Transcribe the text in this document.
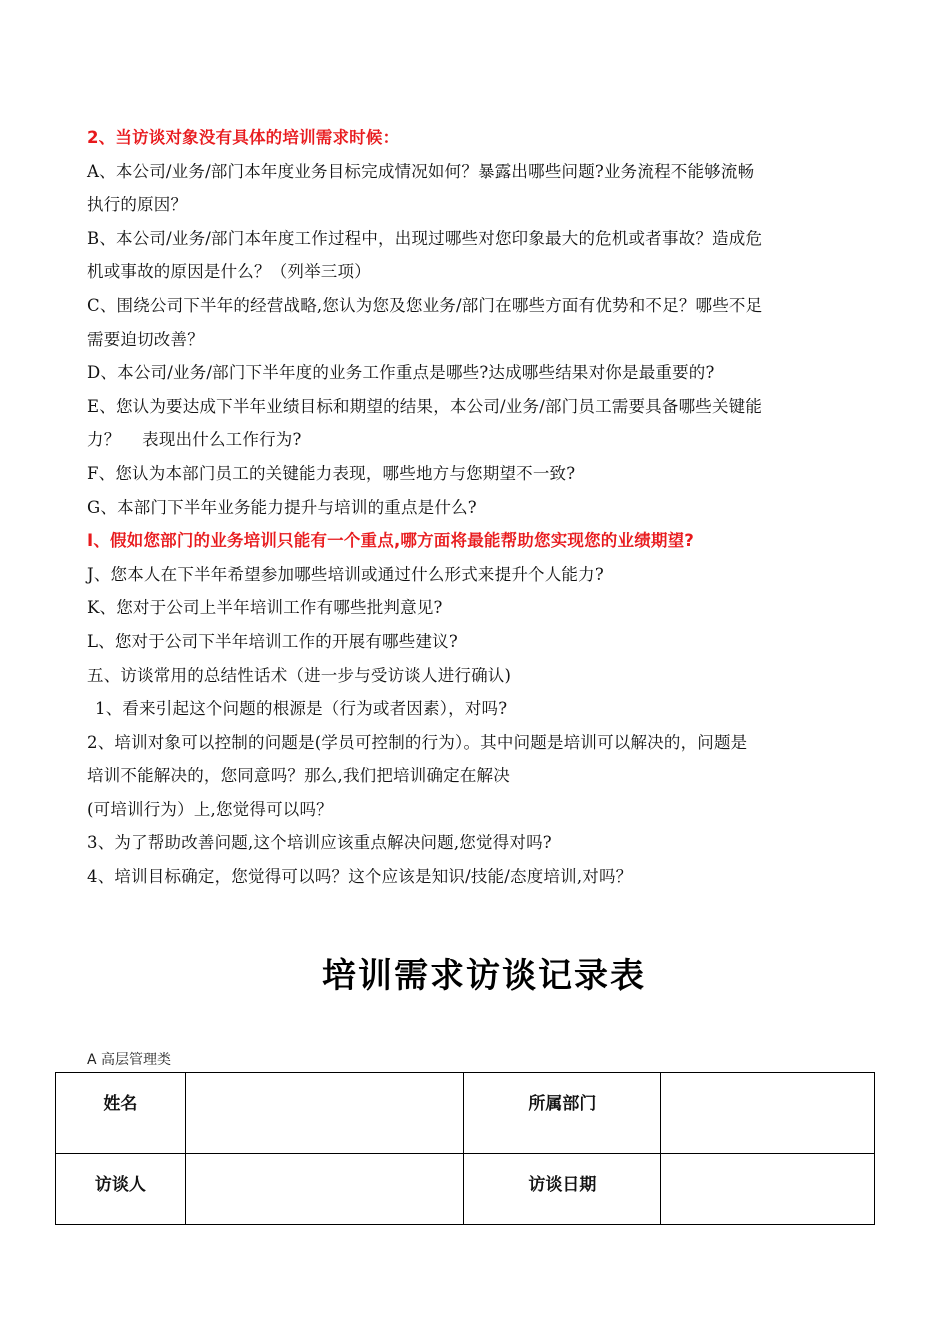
2、当访谈对象没有具体的培训需求时候：
A、本公司/业务/部门本年度业务目标完成情况如何？暴露出哪些问题?业务流程不能够流畅
执行的原因？
B、本公司/业务/部门本年度工作过程中，出现过哪些对您印象最大的危机或者事故？造成危
机或事故的原因是什么？（列举三项）
C、围绕公司下半年的经营战略,您认为您及您业务/部门在哪些方面有优势和不足？哪些不足
需要迫切改善？
D、本公司/业务/部门下半年度的业务工作重点是哪些?达成哪些结果对你是最重要的?
E、您认为要达成下半年业绩目标和期望的结果，本公司/业务/部门员工需要具备哪些关键能
力？    表现出什么工作行为?
F、您认为本部门员工的关键能力表现，哪些地方与您期望不一致?
G、本部门下半年业务能力提升与培训的重点是什么?
I、假如您部门的业务培训只能有一个重点,哪方面将最能帮助您实现您的业绩期望?
J、您本人在下半年希望参加哪些培训或通过什么形式来提升个人能力?
K、您对于公司上半年培训工作有哪些批判意见?
L、您对于公司下半年培训工作的开展有哪些建议?
五、访谈常用的总结性话术（进一步与受访谈人进行确认)
1、看来引起这个问题的根源是（行为或者因素），对吗?
2、培训对象可以控制的问题是(学员可控制的行为）。其中问题是培训可以解决的，问题是
培训不能解决的，您同意吗？那么,我们把培训确定在解决
(可培训行为）上,您觉得可以吗？
3、为了帮助改善问题,这个培训应该重点解决问题,您觉得对吗?
4、培训目标确定，您觉得可以吗？这个应该是知识/技能/态度培训,对吗？
培训需求访谈记录表
A 高层管理类
姓名		所属部门	
访谈人		访谈日期	
